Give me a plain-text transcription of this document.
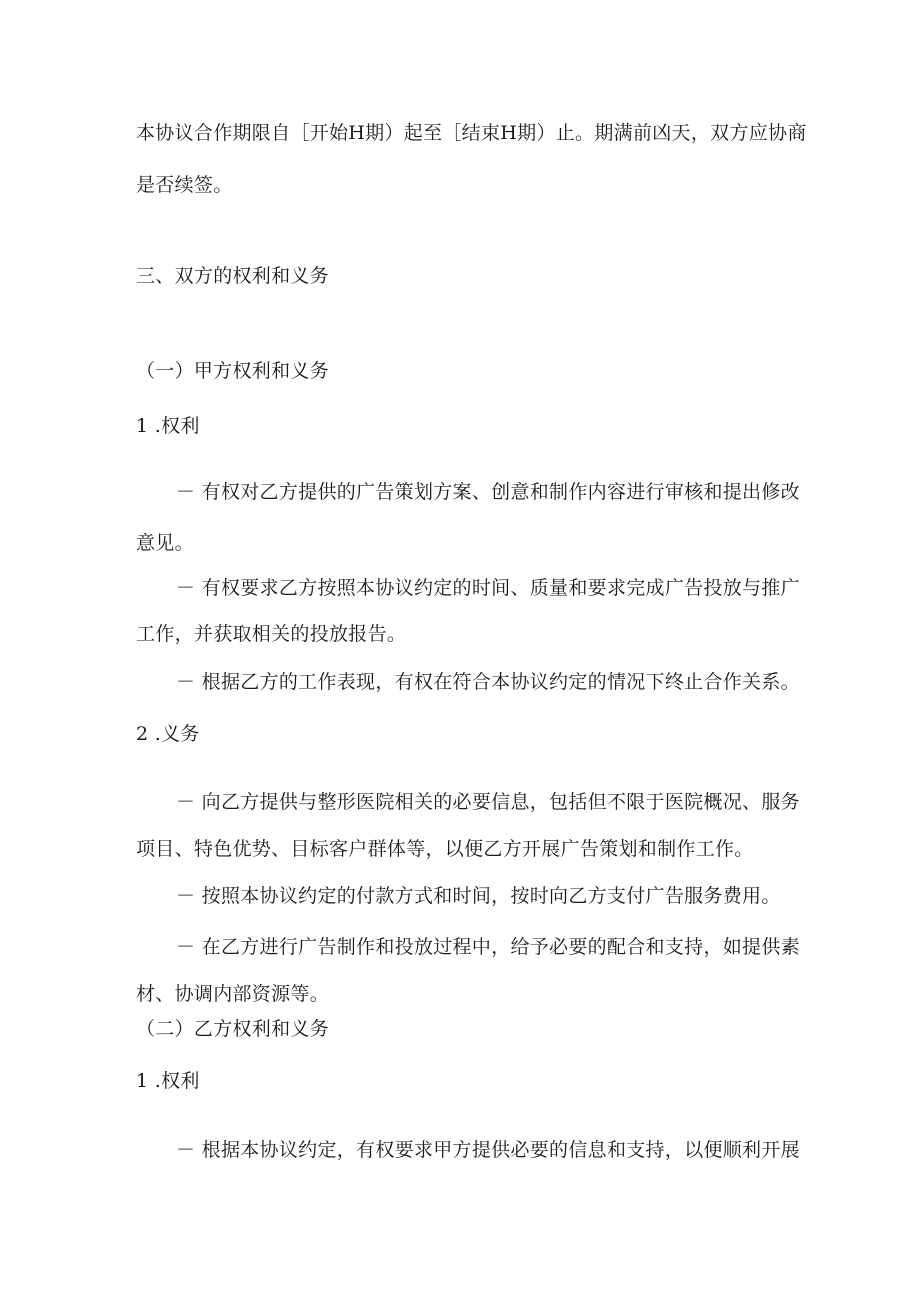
本协议合作期限自［开始H期）起至［结束H期）止。期满前凶天，双方应协商
是否续签。
三、双方的权利和义务
（一）甲方权利和义务
1 .权利
－ 有权对乙方提供的广告策划方案、创意和制作内容进行审核和提出修改
意见。
－ 有权要求乙方按照本协议约定的时间、质量和要求完成广告投放与推广
工作，并获取相关的投放报告。
－ 根据乙方的工作表现，有权在符合本协议约定的情况下终止合作关系。
2 .义务
－ 向乙方提供与整形医院相关的必要信息，包括但不限于医院概况、服务
项目、特色优势、目标客户群体等，以便乙方开展广告策划和制作工作。
－ 按照本协议约定的付款方式和时间，按时向乙方支付广告服务费用。
－ 在乙方进行广告制作和投放过程中，给予必要的配合和支持，如提供素
材、协调内部资源等。
（二）乙方权利和义务
1 .权利
－ 根据本协议约定，有权要求甲方提供必要的信息和支持，以便顺利开展
